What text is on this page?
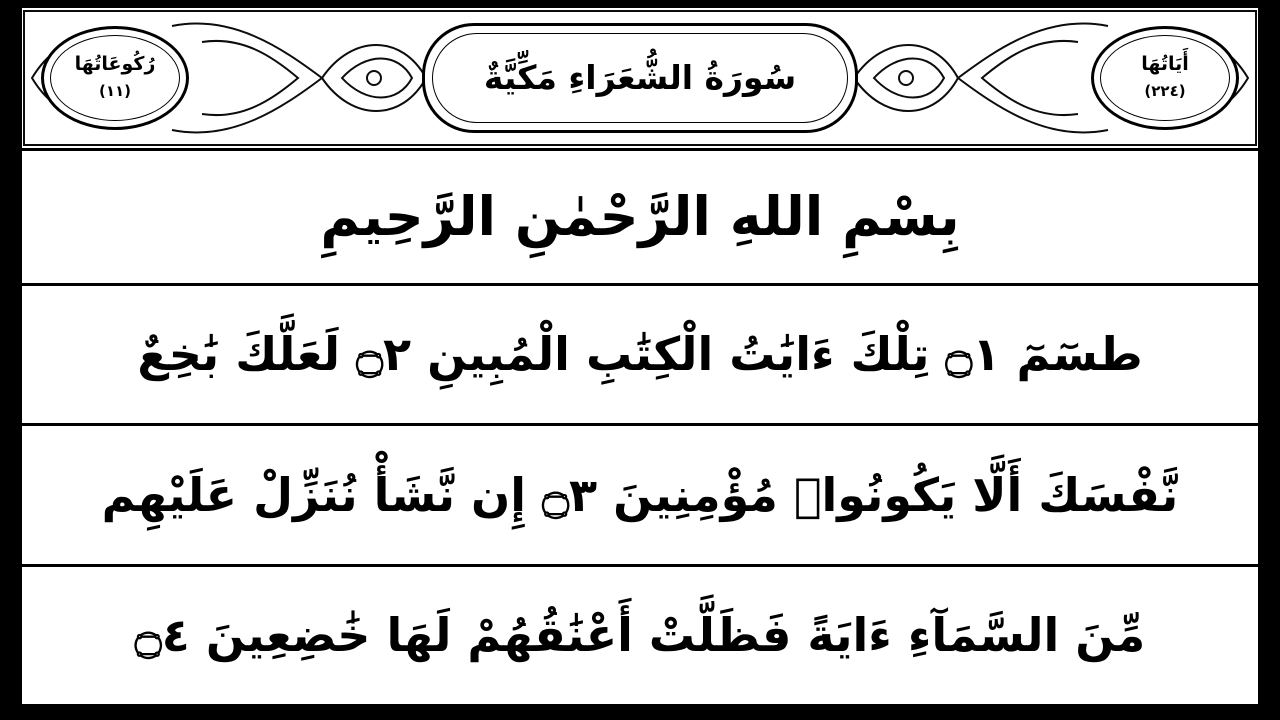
أَيَاتُهَا
(٢٢٤)
سُورَةُ الشُّعَرَاءِ مَكِّيَّةٌ
رُكُوعَاتُهَا
(١١)
بِسْمِ اللهِ الرَّحْمٰنِ الرَّحِيمِ
طسٓمٓ ۝١ تِلْكَ ءَايَٰتُ الْكِتَٰبِ الْمُبِينِ ۝٢ لَعَلَّكَ بَٰخِعٌ
نَّفْسَكَ أَلَّا يَكُونُوا۟ مُؤْمِنِينَ ۝٣ إِن نَّشَأْ نُنَزِّلْ عَلَيْهِم
مِّنَ السَّمَآءِ ءَايَةً فَظَلَّتْ أَعْنَٰقُهُمْ لَهَا خَٰضِعِينَ ۝٤
